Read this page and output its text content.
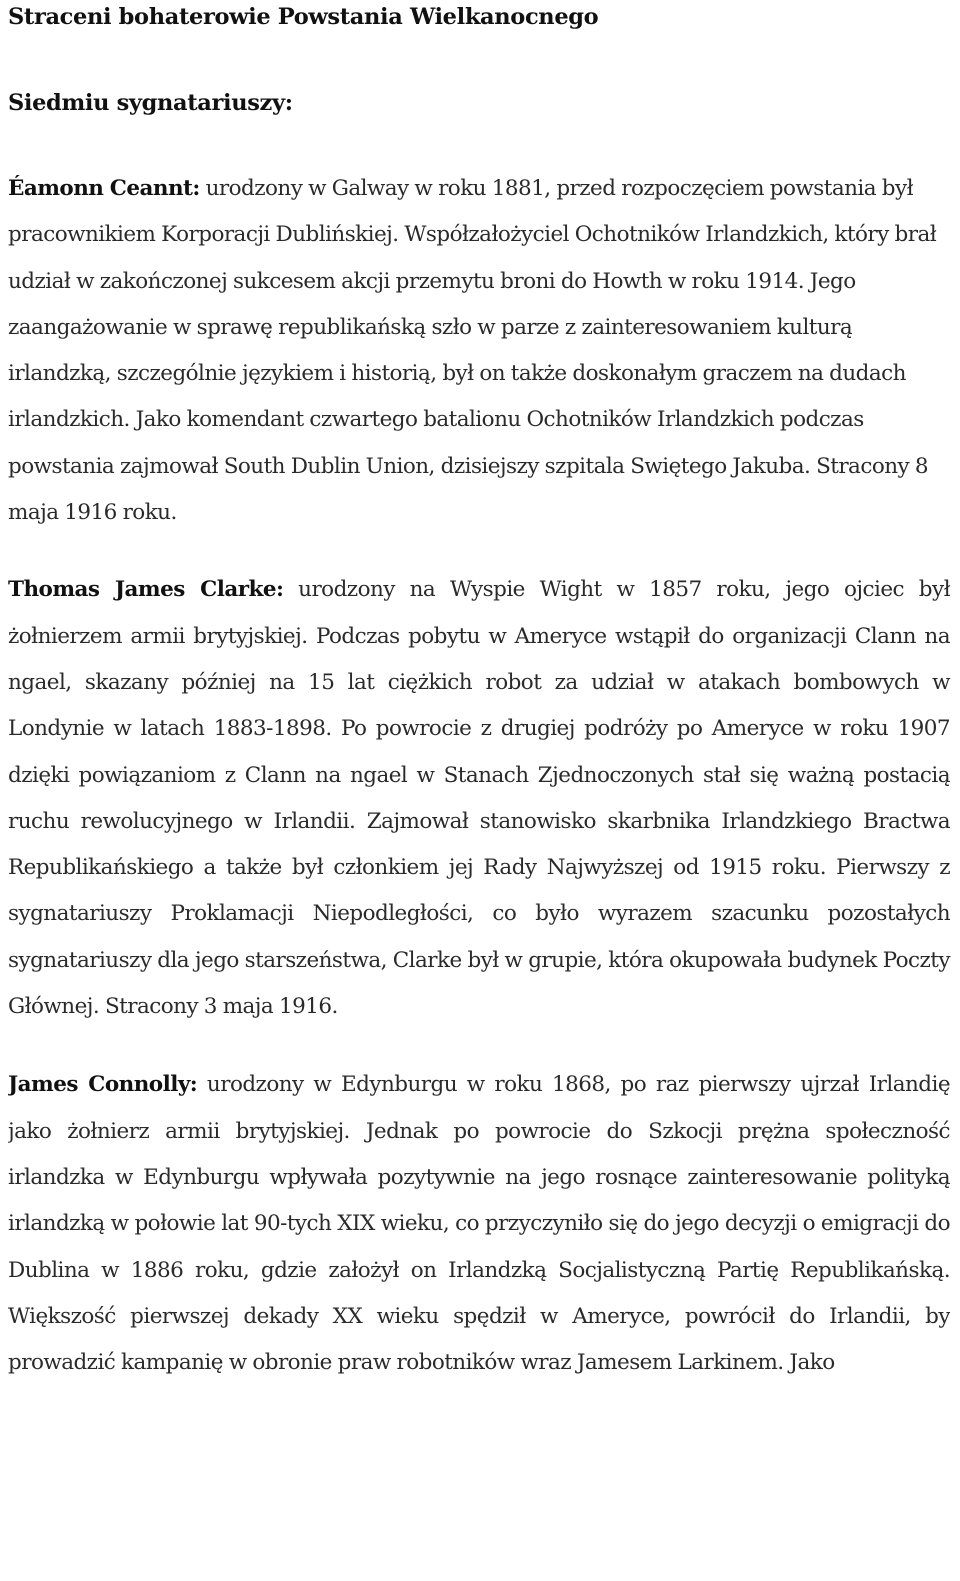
Straceni bohaterowie Powstania Wielkanocnego
Siedmiu sygnatariuszy:

Éamonn Ceannt: urodzony w Galway w roku 1881, przed rozpoczęciem powstania był pracownikiem Korporacji Dublińskiej. Współzałożyciel Ochotników Irlandzkich, który brał udział w zakończonej sukcesem akcji przemytu broni do Howth w roku 1914. Jego zaangażowanie w sprawę republikańską szło w parze z zainteresowaniem kulturą irlandzką, szczególnie językiem i historią, był on także doskonałym graczem na dudach irlandzkich. Jako komendant czwartego batalionu Ochotników Irlandzkich podczas powstania zajmował South Dublin Union, dzisiejszy szpitala Swiętego Jakuba. Stracony 8 maja 1916 roku.

Thomas James Clarke: urodzony na Wyspie Wight w 1857 roku, jego ojciec był żołnierzem armii brytyjskiej. Podczas pobytu w Ameryce wstąpił do organizacji Clann na ngael, skazany później na 15 lat ciężkich robot za udział w atakach bombowych w Londynie w latach 1883-1898. Po powrocie z drugiej podróży po Ameryce w roku 1907 dzięki powiązaniom z Clann na ngael w Stanach Zjednoczonych stał się ważną postacią ruchu rewolucyjnego w Irlandii. Zajmował stanowisko skarbnika Irlandzkiego Bractwa Republikańskiego a także był członkiem jej Rady Najwyższej od 1915 roku. Pierwszy z sygnatariuszy Proklamacji Niepodległości, co było wyrazem szacunku pozostałych sygnatariuszy dla jego starszeństwa, Clarke był w grupie, która okupowała budynek Poczty Głównej. Stracony 3 maja 1916.

James Connolly: urodzony w Edynburgu w roku 1868, po raz pierwszy ujrzał Irlandię jako żołnierz armii brytyjskiej. Jednak po powrocie do Szkocji prężna społeczność irlandzka w Edynburgu wpływała pozytywnie na jego rosnące zainteresowanie polityką irlandzką w połowie lat 90-tych XIX wieku, co przyczyniło się do jego decyzji o emigracji do Dublina w 1886 roku, gdzie założył on Irlandzką Socjalistyczną Partię Republikańską. Większość pierwszej dekady XX wieku spędził w Ameryce, powrócił do Irlandii, by prowadzić kampanię w obronie praw robotników wraz Jamesem Larkinem. Jako
